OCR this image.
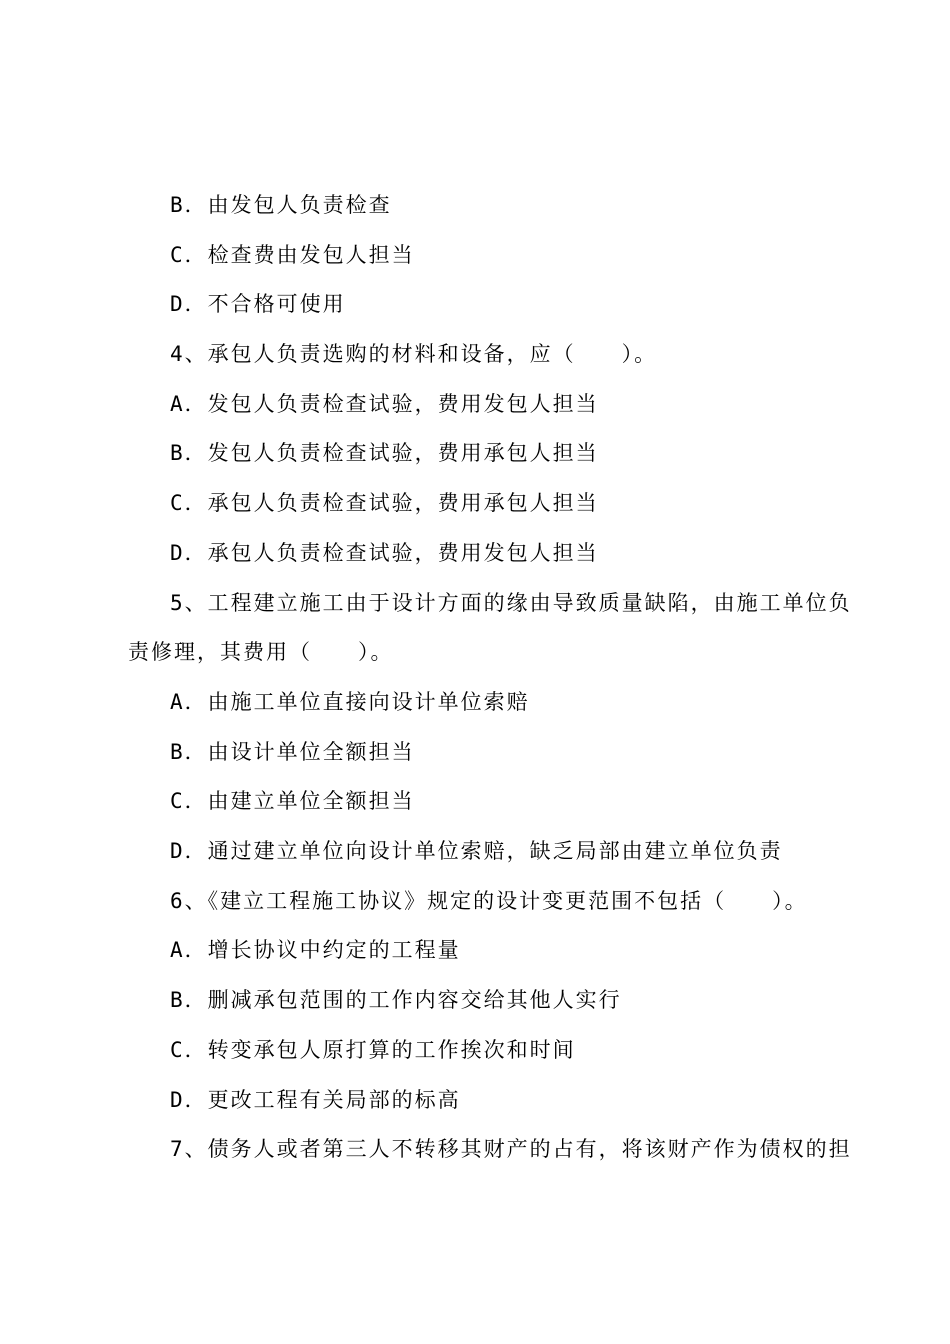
B．由发包人负责检查
C．检查费由发包人担当
D．不合格可使用
4、承包人负责选购的材料和设备，应（　　）。
A．发包人负责检查试验，费用发包人担当
B．发包人负责检查试验，费用承包人担当
C．承包人负责检查试验，费用承包人担当
D．承包人负责检查试验，费用发包人担当
5、工程建立施工由于设计方面的缘由导致质量缺陷，由施工单位负
责修理，其费用（　　）。
A．由施工单位直接向设计单位索赔
B．由设计单位全额担当
C．由建立单位全额担当
D．通过建立单位向设计单位索赔，缺乏局部由建立单位负责
6、《建立工程施工协议》规定的设计变更范围不包括（　　）。
A．增长协议中约定的工程量
B．删减承包范围的工作内容交给其他人实行
C．转变承包人原打算的工作挨次和时间
D．更改工程有关局部的标高
7、债务人或者第三人不转移其财产的占有，将该财产作为债权的担
